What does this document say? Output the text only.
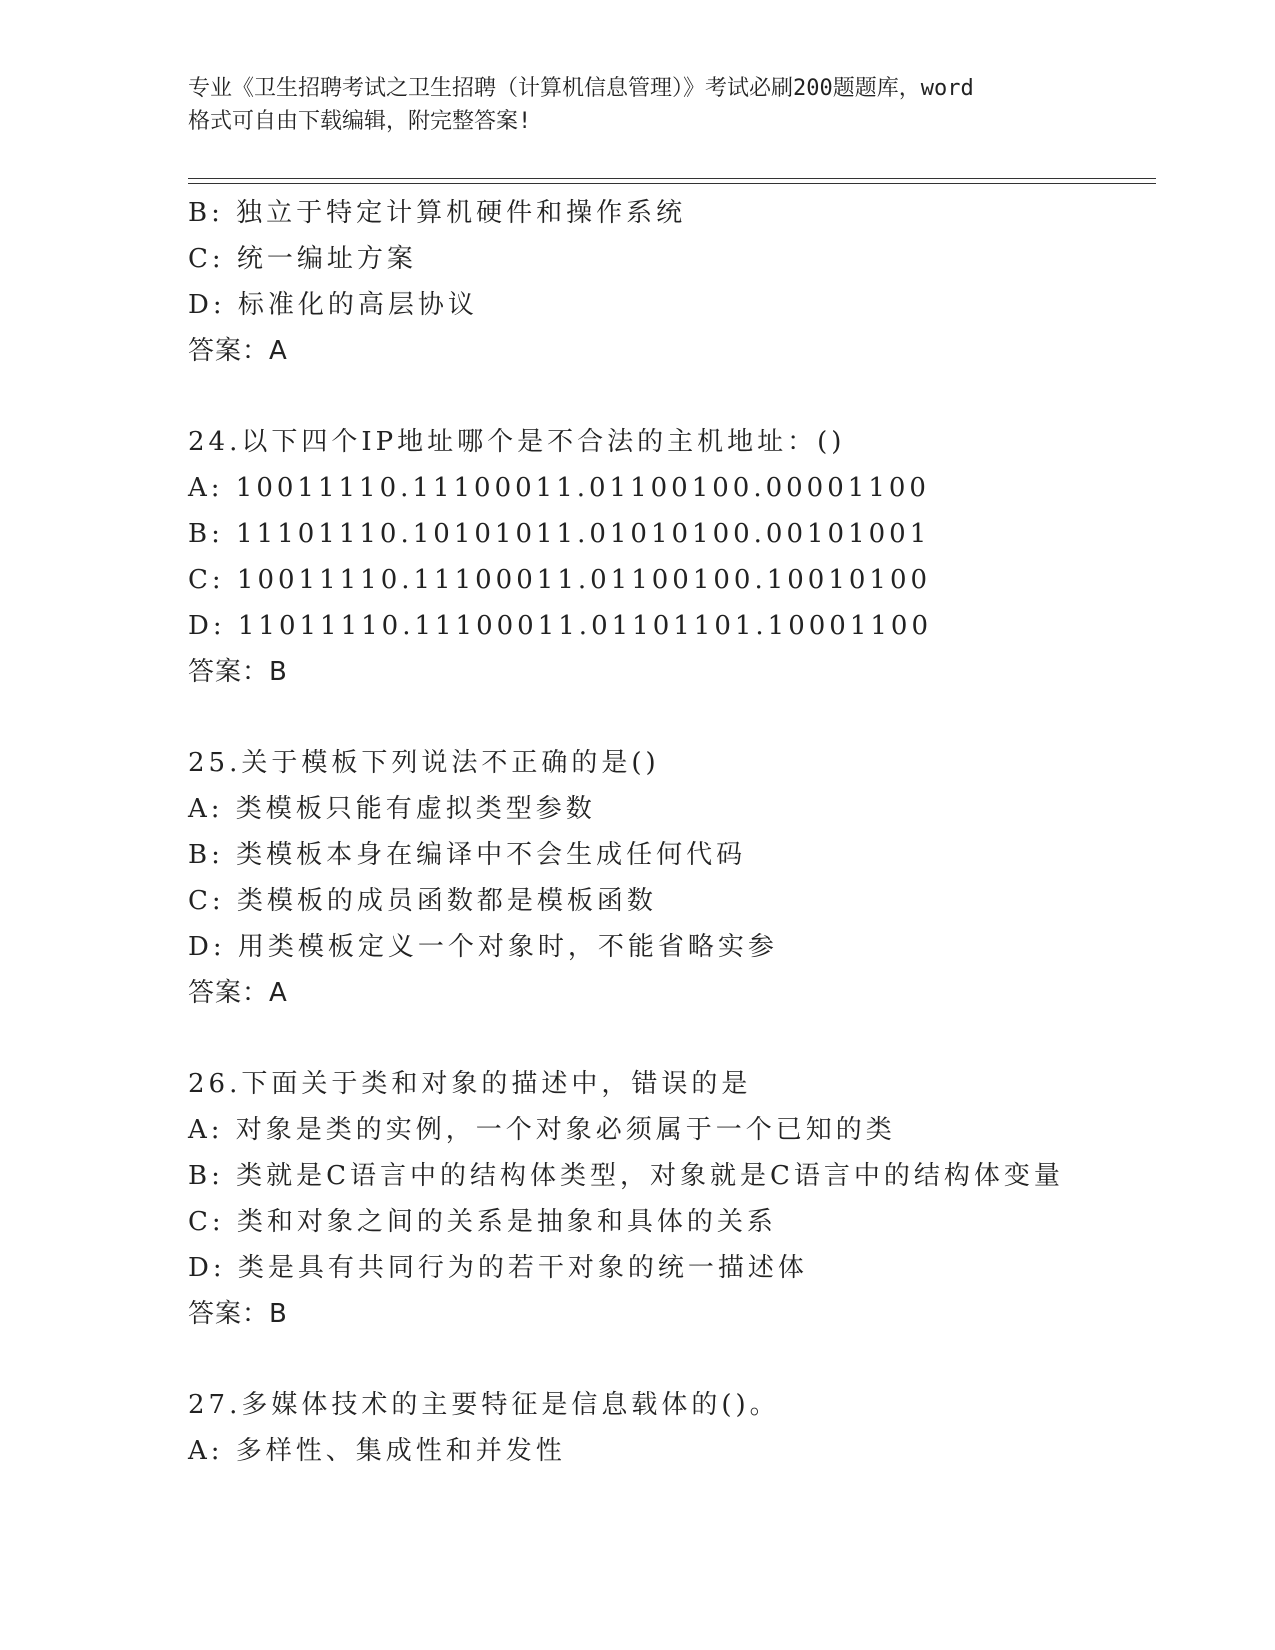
专业《卫生招聘考试之卫生招聘（计算机信息管理）》考试必刷200题题库，word
格式可自由下载编辑，附完整答案!
B: 独立于特定计算机硬件和操作系统
C: 统一编址方案
D: 标准化的高层协议
答案：A
24.以下四个IP地址哪个是不合法的主机地址：()
A: 10011110.11100011.01100100.00001100
B: 11101110.10101011.01010100.00101001
C: 10011110.11100011.01100100.10010100
D: 11011110.11100011.01101101.10001100
答案：B
25.关于模板下列说法不正确的是()
A: 类模板只能有虚拟类型参数
B: 类模板本身在编译中不会生成任何代码
C: 类模板的成员函数都是模板函数
D: 用类模板定义一个对象时，不能省略实参
答案：A
26.下面关于类和对象的描述中，错误的是
A: 对象是类的实例，一个对象必须属于一个已知的类
B: 类就是C语言中的结构体类型，对象就是C语言中的结构体变量
C: 类和对象之间的关系是抽象和具体的关系
D: 类是具有共同行为的若干对象的统一描述体
答案：B
27.多媒体技术的主要特征是信息载体的()。
A: 多样性、集成性和并发性
